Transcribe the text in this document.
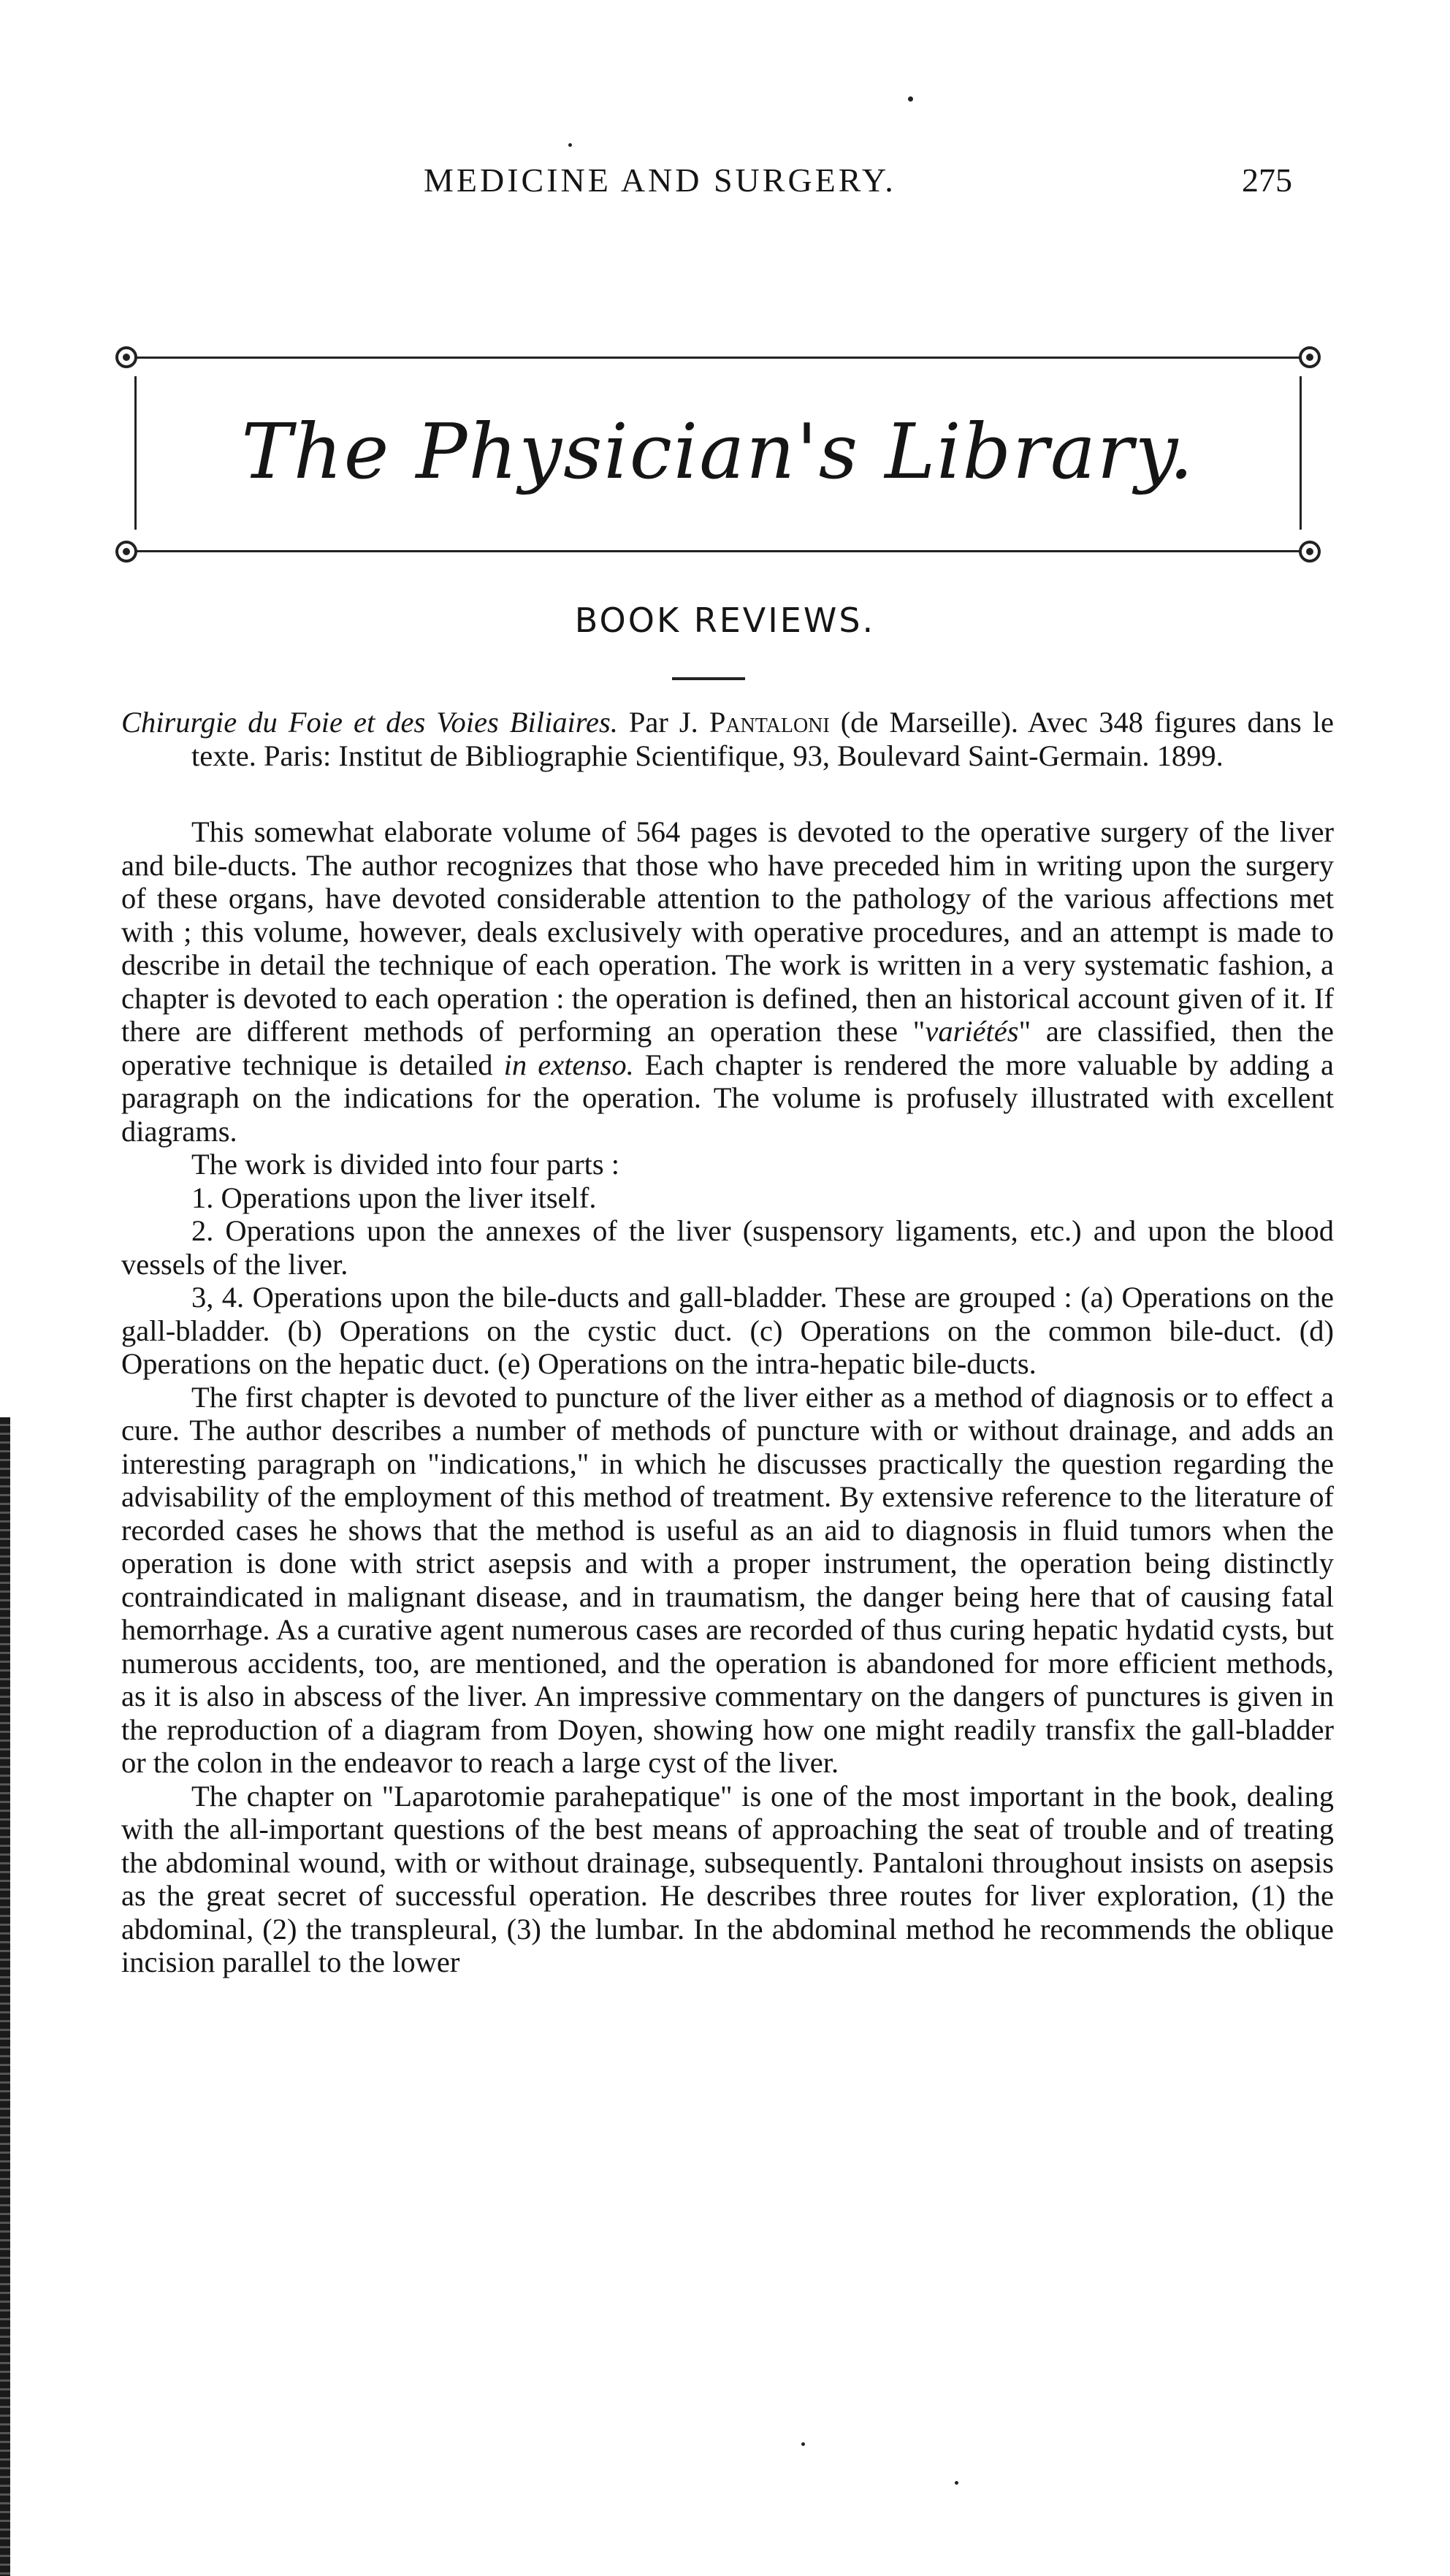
MEDICINE AND SURGERY.	275
The Physician's Library.
BOOK REVIEWS.

Chirurgie du Foie et des Voies Biliaires. Par J. Pantaloni (de Marseille). Avec 348 figures dans le texte. Paris: Institut de Bibliographie Scientifique, 93, Boulevard Saint-Germain. 1899.

This somewhat elaborate volume of 564 pages is devoted to the operative surgery of the liver and bile-ducts. The author recognizes that those who have preceded him in writing upon the surgery of these organs, have devoted considerable attention to the pathology of the various affections met with ; this volume, however, deals exclusively with operative procedures, and an attempt is made to describe in detail the technique of each operation. The work is written in a very systematic fashion, a chapter is devoted to each operation : the operation is defined, then an historical account given of it. If there are different methods of performing an operation these "variétés" are classified, then the operative technique is detailed in extenso. Each chapter is rendered the more valuable by adding a paragraph on the indications for the operation. The volume is profusely illustrated with excellent diagrams.

The work is divided into four parts :

1. Operations upon the liver itself.

2. Operations upon the annexes of the liver (suspensory ligaments, etc.) and upon the blood vessels of the liver.

3, 4. Operations upon the bile-ducts and gall-bladder. These are grouped : (a) Operations on the gall-bladder. (b) Operations on the cystic duct. (c) Operations on the common bile-duct. (d) Operations on the hepatic duct. (e) Operations on the intra-hepatic bile-ducts.

The first chapter is devoted to puncture of the liver either as a method of diagnosis or to effect a cure. The author describes a number of methods of puncture with or without drainage, and adds an interesting paragraph on "indications," in which he discusses practically the question regarding the advisability of the employment of this method of treatment. By extensive reference to the literature of recorded cases he shows that the method is useful as an aid to diagnosis in fluid tumors when the operation is done with strict asepsis and with a proper instrument, the operation being distinctly contraindicated in malignant disease, and in traumatism, the danger being here that of causing fatal hemorrhage. As a curative agent numerous cases are recorded of thus curing hepatic hydatid cysts, but numerous accidents, too, are mentioned, and the operation is abandoned for more efficient methods, as it is also in abscess of the liver. An impressive commentary on the dangers of punctures is given in the reproduction of a diagram from Doyen, showing how one might readily transfix the gall-bladder or the colon in the endeavor to reach a large cyst of the liver.

The chapter on "Laparotomie parahepatique" is one of the most important in the book, dealing with the all-important questions of the best means of approaching the seat of trouble and of treating the abdominal wound, with or without drainage, subsequently. Pantaloni throughout insists on asepsis as the great secret of successful operation. He describes three routes for liver exploration, (1) the abdominal, (2) the transpleural, (3) the lumbar. In the abdominal method he recommends the oblique incision parallel to the lower
